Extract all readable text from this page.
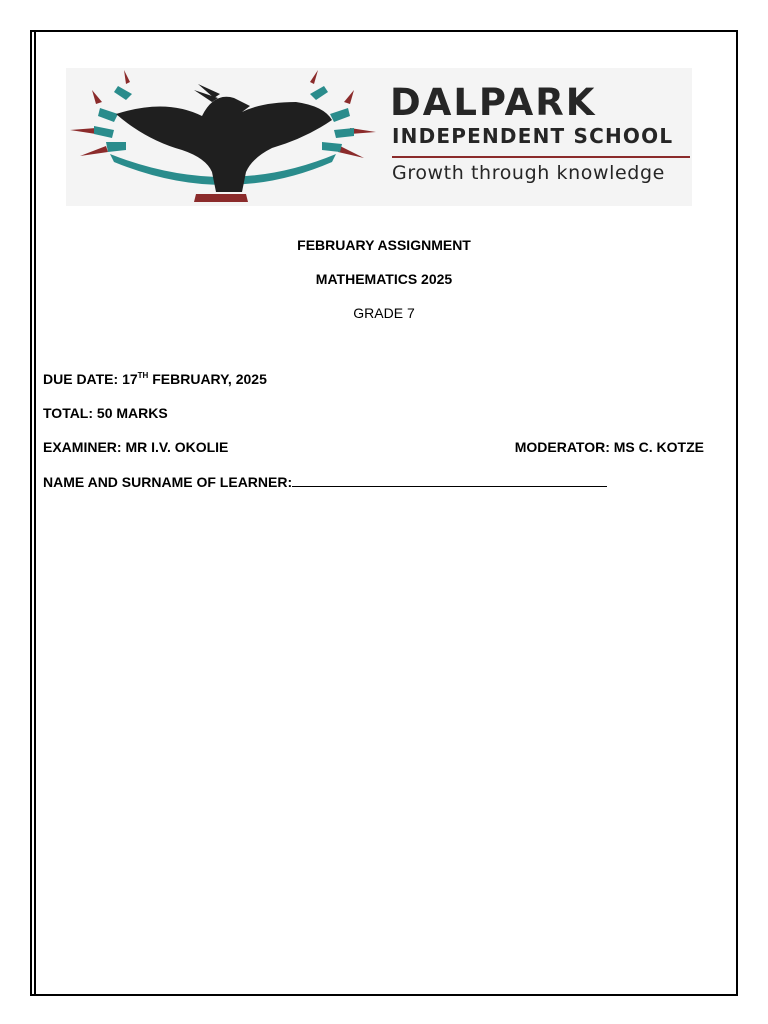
DALPARK
INDEPENDENT SCHOOL
Growth through knowledge
FEBRUARY ASSIGNMENT
MATHEMATICS 2025
GRADE 7
DUE DATE: 17TH FEBRUARY, 2025
TOTAL: 50 MARKS
EXAMINER: MR I.V. OKOLIE	MODERATOR: MS C. KOTZE
NAME AND SURNAME OF LEARNER:
